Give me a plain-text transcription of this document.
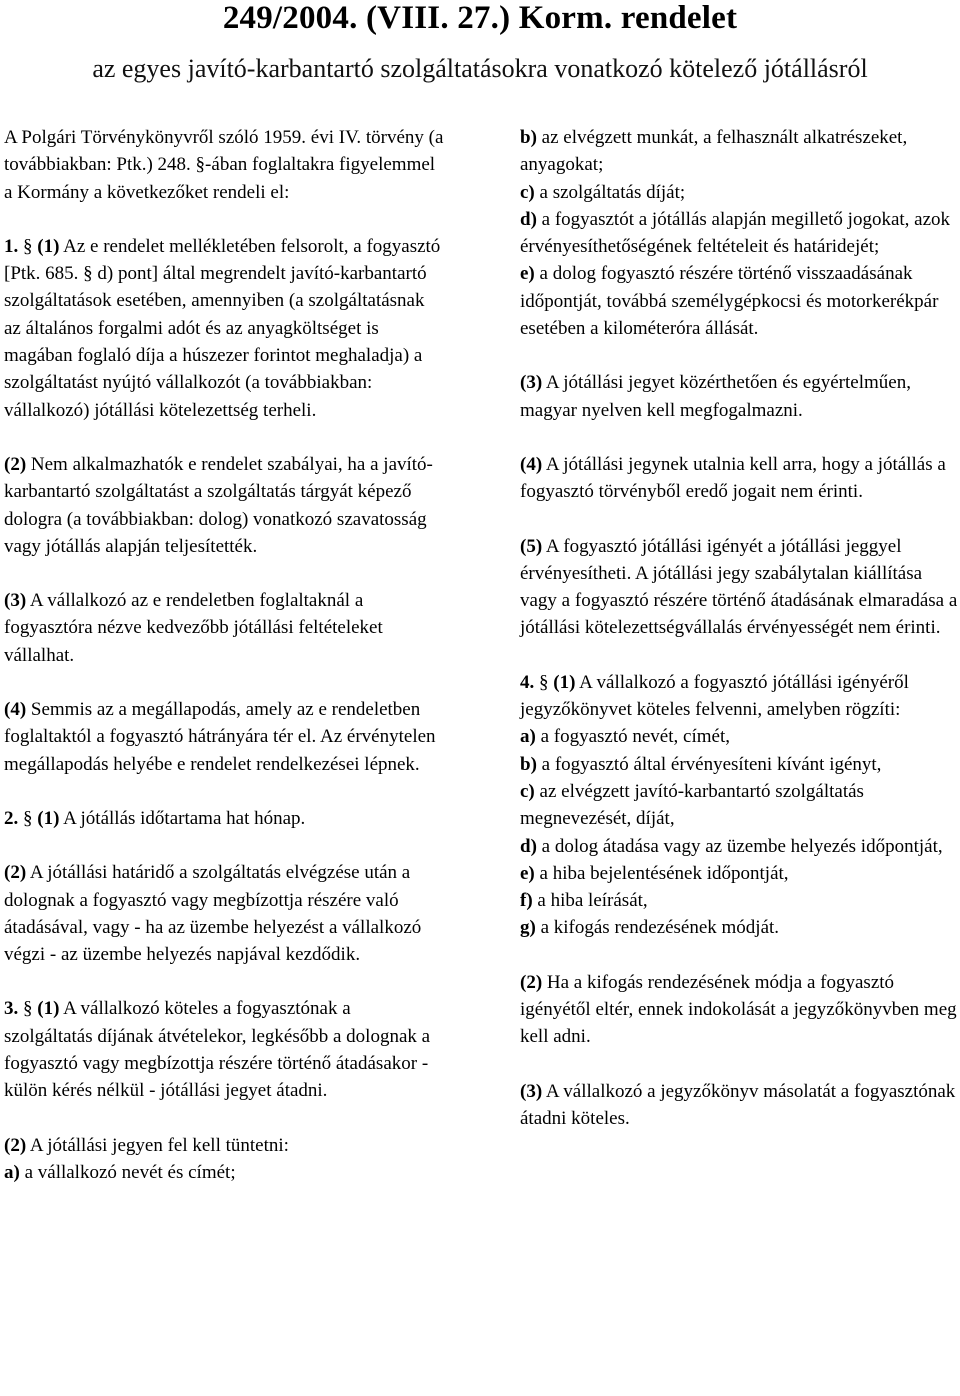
249/2004. (VIII. 27.) Korm. rendelet

az egyes javító-karbantartó szolgáltatásokra vonatkozó kötelező jótállásról

A Polgári Törvénykönyvről szóló 1959. évi IV. törvény (a továbbiakban: Ptk.) 248. §-ában foglaltakra figyelemmel a Kormány a következőket rendeli el:

1. § (1) Az e rendelet mellékletében felsorolt, a fogyasztó [Ptk. 685. § d) pont] által megrendelt javító-karbantartó szolgáltatások esetében, amennyiben (a szolgáltatásnak az általános forgalmi adót és az anyagköltséget is magában foglaló díja a húszezer forintot meghaladja) a szolgáltatást nyújtó vállalkozót (a továbbiakban: vállalkozó) jótállási kötelezettség terheli.

(2) Nem alkalmazhatók e rendelet szabályai, ha a javító-karbantartó szolgáltatást a szolgáltatás tárgyát képező dologra (a továbbiakban: dolog) vonatkozó szavatosság vagy jótállás alapján teljesítették.

(3) A vállalkozó az e rendeletben foglaltaknál a fogyasztóra nézve kedvezőbb jótállási feltételeket vállalhat.

(4) Semmis az a megállapodás, amely az e rendeletben foglaltaktól a fogyasztó hátrányára tér el. Az érvénytelen megállapodás helyébe e rendelet rendelkezései lépnek.

2. § (1) A jótállás időtartama hat hónap.

(2) A jótállási határidő a szolgáltatás elvégzése után a dolognak a fogyasztó vagy megbízottja részére való átadásával, vagy - ha az üzembe helyezést a vállalkozó végzi - az üzembe helyezés napjával kezdődik.

3. § (1) A vállalkozó köteles a fogyasztónak a szolgáltatás díjának átvételekor, legkésőbb a dolognak a fogyasztó vagy megbízottja részére történő átadásakor - külön kérés nélkül - jótállási jegyet átadni.

(2) A jótállási jegyen fel kell tüntetni:

a) a vállalkozó nevét és címét;

b) az elvégzett munkát, a felhasznált alkatrészeket, anyagokat;

c) a szolgáltatás díját;

d) a fogyasztót a jótállás alapján megillető jogokat, azok érvényesíthetőségének feltételeit és határidejét;

e) a dolog fogyasztó részére történő visszaadásának időpontját, továbbá személygépkocsi és motorkerékpár esetében a kilométeróra állását.

(3) A jótállási jegyet közérthetően és egyértelműen, magyar nyelven kell megfogalmazni.

(4) A jótállási jegynek utalnia kell arra, hogy a jótállás a fogyasztó törvényből eredő jogait nem érinti.

(5) A fogyasztó jótállási igényét a jótállási jeggyel érvényesítheti. A jótállási jegy szabálytalan kiállítása vagy a fogyasztó részére történő átadásának elmaradása a jótállási kötelezettségvállalás érvényességét nem érinti.

4. § (1) A vállalkozó a fogyasztó jótállási igényéről jegyzőkönyvet köteles felvenni, amelyben rögzíti:

a) a fogyasztó nevét, címét,

b) a fogyasztó által érvényesíteni kívánt igényt,

c) az elvégzett javító-karbantartó szolgáltatás megnevezését, díját,

d) a dolog átadása vagy az üzembe helyezés időpontját,

e) a hiba bejelentésének időpontját,

f) a hiba leírását,

g) a kifogás rendezésének módját.

(2) Ha a kifogás rendezésének módja a fogyasztó igényétől eltér, ennek indokolását a jegyzőkönyvben meg kell adni.

(3) A vállalkozó a jegyzőkönyv másolatát a fogyasztónak átadni köteles.
